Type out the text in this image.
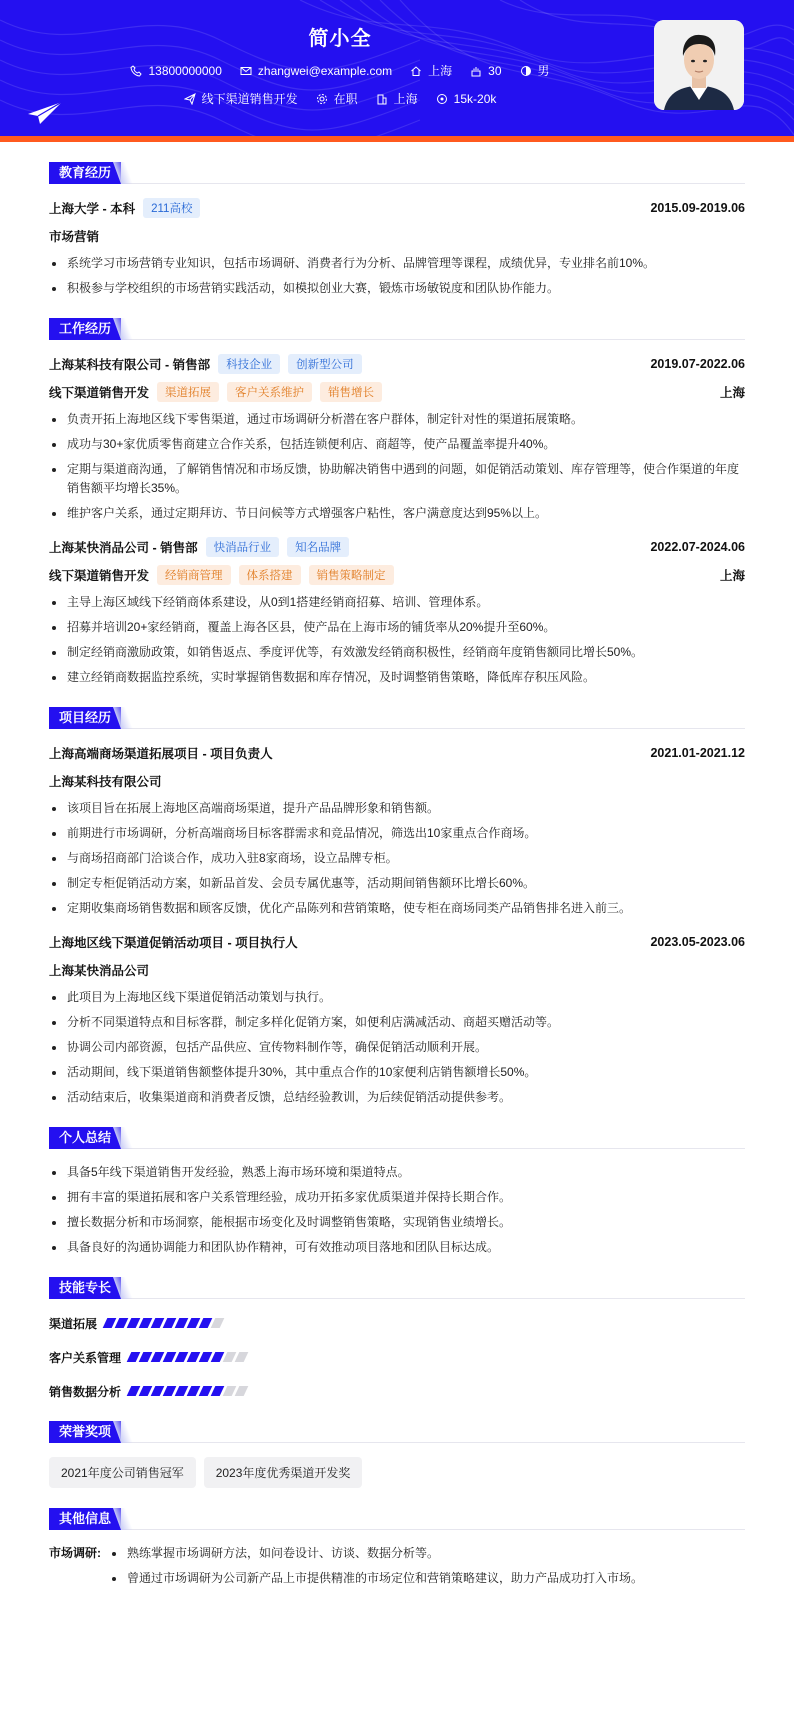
简小全
13800000000	zhangwei@example.com	上海	30	男
线下渠道销售开发	在职	上海	15k-20k
教育经历
上海大学 - 本科	211高校	2015.09-2019.06
市场营销
系统学习市场营销专业知识，包括市场调研、消费者行为分析、品牌管理等课程，成绩优异，专业排名前10%。
积极参与学校组织的市场营销实践活动，如模拟创业大赛，锻炼市场敏锐度和团队协作能力。
工作经历
上海某科技有限公司 - 销售部	科技企业	创新型公司	2019.07-2022.06
线下渠道销售开发	渠道拓展	客户关系维护	销售增长	上海
负责开拓上海地区线下零售渠道，通过市场调研分析潜在客户群体，制定针对性的渠道拓展策略。
成功与30+家优质零售商建立合作关系，包括连锁便利店、商超等，使产品覆盖率提升40%。
定期与渠道商沟通，了解销售情况和市场反馈，协助解决销售中遇到的问题，如促销活动策划、库存管理等，使合作渠道的年度销售额平均增长35%。
维护客户关系，通过定期拜访、节日问候等方式增强客户粘性，客户满意度达到95%以上。
上海某快消品公司 - 销售部	快消品行业	知名品牌	2022.07-2024.06
线下渠道销售开发	经销商管理	体系搭建	销售策略制定	上海
主导上海区域线下经销商体系建设，从0到1搭建经销商招募、培训、管理体系。
招募并培训20+家经销商，覆盖上海各区县，使产品在上海市场的铺货率从20%提升至60%。
制定经销商激励政策，如销售返点、季度评优等，有效激发经销商积极性，经销商年度销售额同比增长50%。
建立经销商数据监控系统，实时掌握销售数据和库存情况，及时调整销售策略，降低库存积压风险。
项目经历
上海高端商场渠道拓展项目 - 项目负责人	2021.01-2021.12
上海某科技有限公司
该项目旨在拓展上海地区高端商场渠道，提升产品品牌形象和销售额。
前期进行市场调研，分析高端商场目标客群需求和竞品情况，筛选出10家重点合作商场。
与商场招商部门洽谈合作，成功入驻8家商场，设立品牌专柜。
制定专柜促销活动方案，如新品首发、会员专属优惠等，活动期间销售额环比增长60%。
定期收集商场销售数据和顾客反馈，优化产品陈列和营销策略，使专柜在商场同类产品销售排名进入前三。
上海地区线下渠道促销活动项目 - 项目执行人	2023.05-2023.06
上海某快消品公司
此项目为上海地区线下渠道促销活动策划与执行。
分析不同渠道特点和目标客群，制定多样化促销方案，如便利店满减活动、商超买赠活动等。
协调公司内部资源，包括产品供应、宣传物料制作等，确保促销活动顺利开展。
活动期间，线下渠道销售额整体提升30%，其中重点合作的10家便利店销售额增长50%。
活动结束后，收集渠道商和消费者反馈，总结经验教训，为后续促销活动提供参考。
个人总结
具备5年线下渠道销售开发经验，熟悉上海市场环境和渠道特点。
拥有丰富的渠道拓展和客户关系管理经验，成功开拓多家优质渠道并保持长期合作。
擅长数据分析和市场洞察，能根据市场变化及时调整销售策略，实现销售业绩增长。
具备良好的沟通协调能力和团队协作精神，可有效推动项目落地和团队目标达成。
技能专长
渠道拓展
客户关系管理
销售数据分析
荣誉奖项
2021年度公司销售冠军	2023年度优秀渠道开发奖
其他信息
市场调研:	熟练掌握市场调研方法，如问卷设计、访谈、数据分析等。
曾通过市场调研为公司新产品上市提供精准的市场定位和营销策略建议，助力产品成功打入市场。
